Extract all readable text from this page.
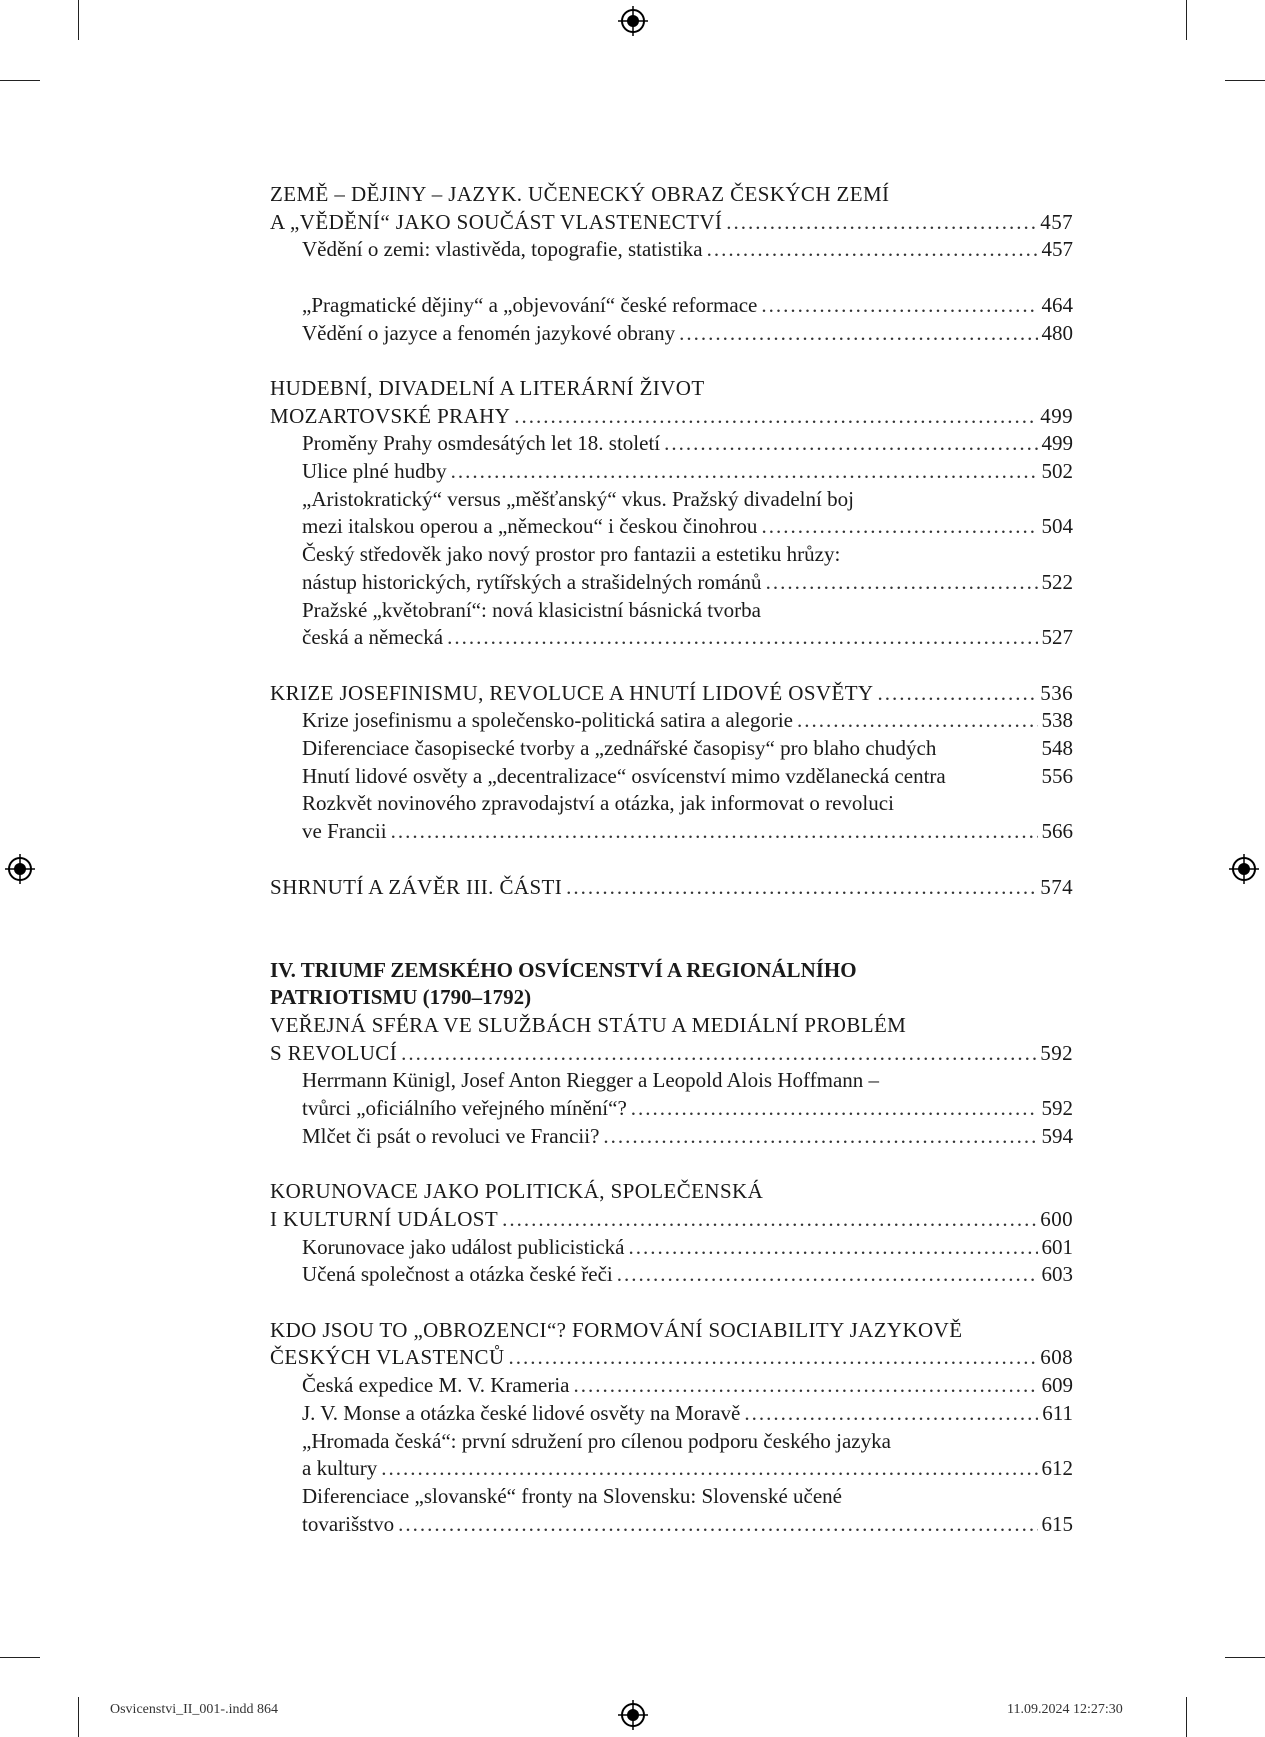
ZEMĚ – DĚJINY – JAZYK. UČENECKÝ OBRAZ ČESKÝCH ZEMÍ
A „VĚDĚNÍ“ JAKO SOUČÁST VLASTENECTVÍ .....	457
Vědění o zemi: vlastivěda, topografie, statistika .....	457
„Pragmatické dějiny“ a „objevování“ české reformace .....	464
Vědění o jazyce a fenomén jazykové obrany .....	480
HUDEBNÍ, DIVADELNÍ A LITERÁRNÍ ŽIVOT
MOZARTOVSKÉ PRAHY .....	499
Proměny Prahy osmdesátých let 18. století .....	499
Ulice plné hudby .....	502
„Aristokratický“ versus „měšťanský“ vkus. Pražský divadelní boj
mezi italskou operou a „německou“ i českou činohrou .....	504
Český středověk jako nový prostor pro fantazii a estetiku hrůzy:
nástup historických, rytířských a strašidelných románů .....	522
Pražské „květobraní“: nová klasicistní básnická tvorba
česká a německá .....	527
KRIZE JOSEFINISMU, REVOLUCE A HNUTÍ LIDOVÉ OSVĚTY .....	536
Krize josefinismu a společensko-politická satira a alegorie .....	538
Diferenciace časopisecké tvorby a „zednářské časopisy“ pro blaho chudých	548
Hnutí lidové osvěty a „decentralizace“ osvícenství mimo vzdělanecká centra	556
Rozkvět novinového zpravodajství a otázka, jak informovat o revoluci
ve Francii .....	566
SHRNUTÍ A ZÁVĚR III. ČÁSTI .....	574
IV. TRIUMF ZEMSKÉHO OSVÍCENSTVÍ A REGIONÁLNÍHO
PATRIOTISMU (1790–1792)
VEŘEJNÁ SFÉRA VE SLUŽBÁCH STÁTU A MEDIÁLNÍ PROBLÉM
S REVOLUCÍ .....	592
Herrmann Künigl, Josef Anton Riegger a Leopold Alois Hoffmann –
tvůrci „oficiálního veřejného mínění“? .....	592
Mlčet či psát o revoluci ve Francii? .....	594
KORUNOVACE JAKO POLITICKÁ, SPOLEČENSKÁ
I KULTURNÍ UDÁLOST .....	600
Korunovace jako událost publicistická .....	601
Učená společnost a otázka české řeči .....	603
KDO JSOU TO „OBROZENCI“? FORMOVÁNÍ SOCIABILITY JAZYKOVĚ
ČESKÝCH VLASTENCŮ .....	608
Česká expedice M. V. Krameria .....	609
J. V. Monse a otázka české lidové osvěty na Moravě .....	611
„Hromada česká“: první sdružení pro cílenou podporu českého jazyka
a kultury .....	612
Diferenciace „slovanské“ fronty na Slovensku: Slovenské učené
tovarišstvo .....	615
Osvicenstvi_II_001-.indd 864	11.09.2024 12:27:30
